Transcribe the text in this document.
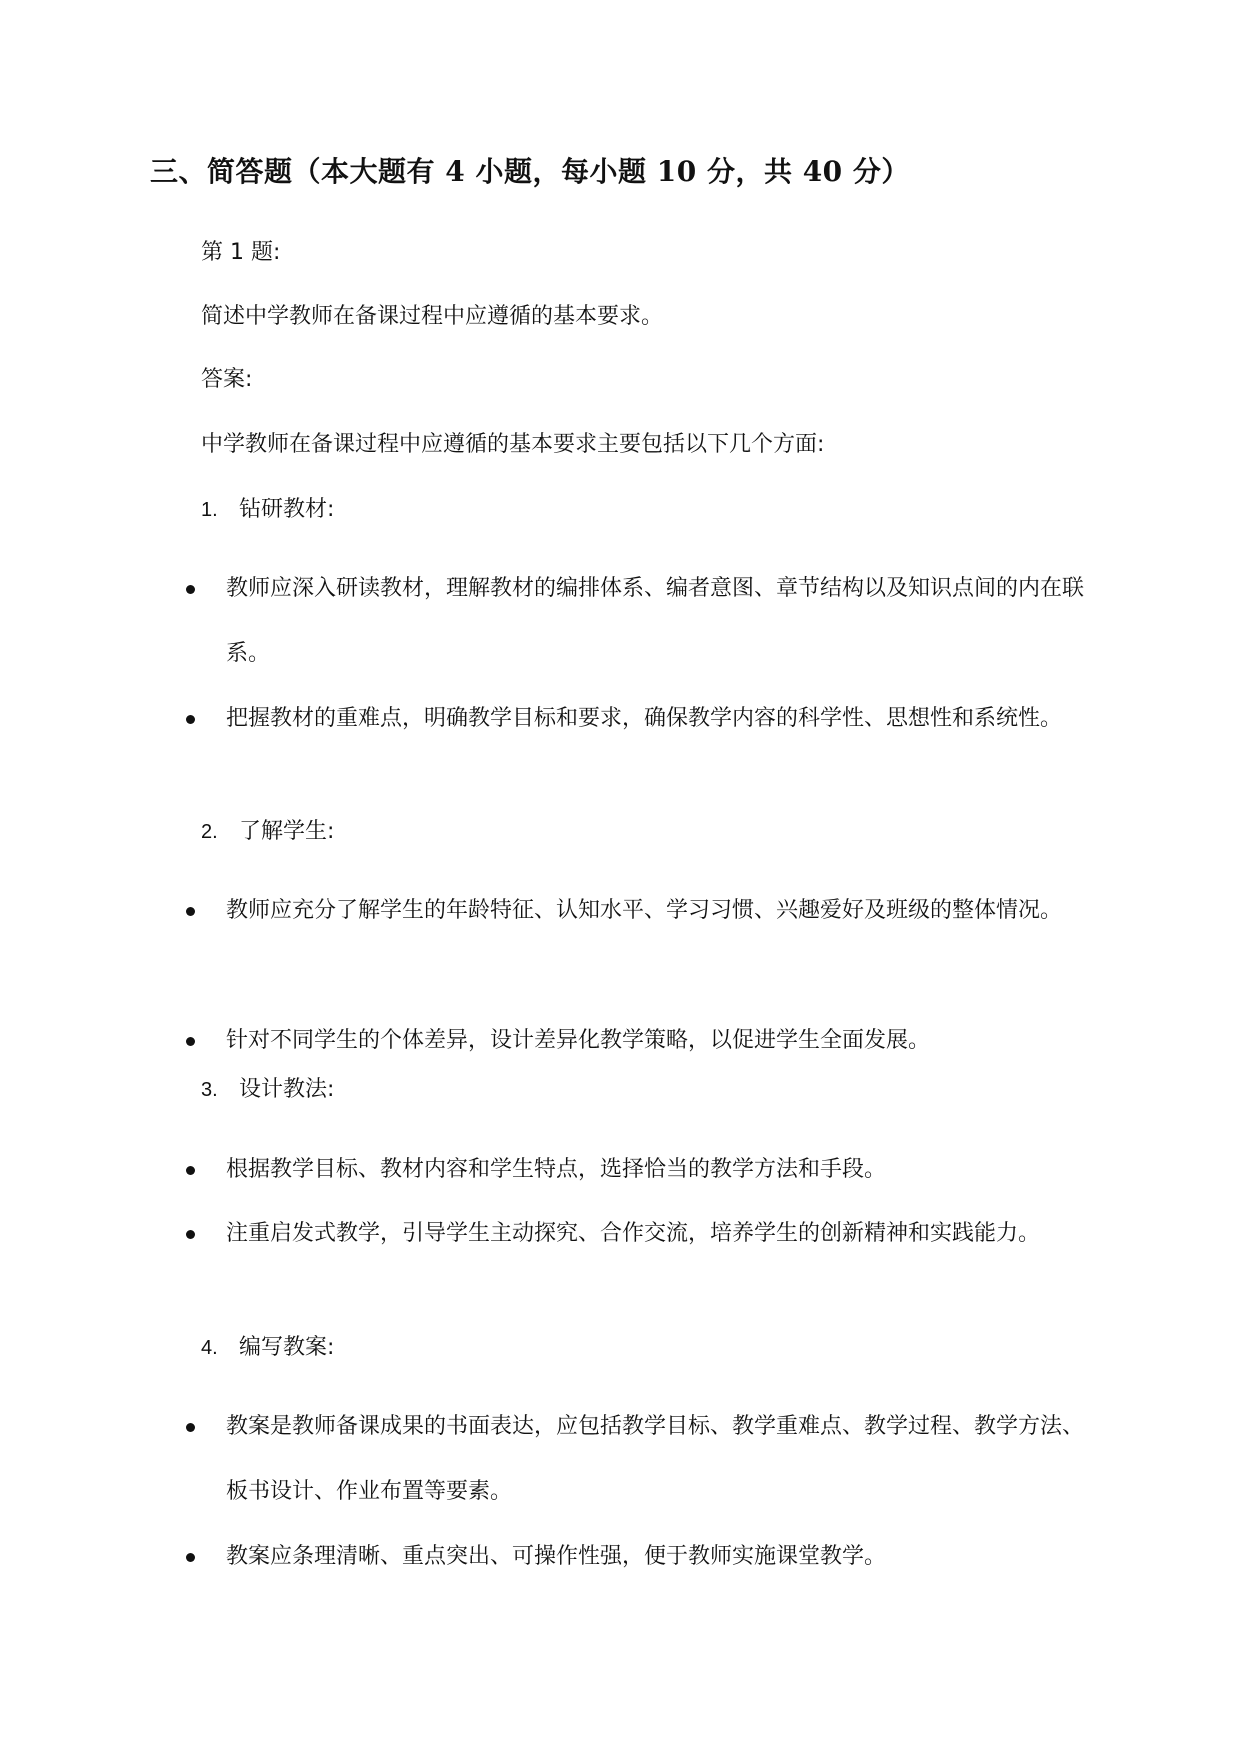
三、简答题（本大题有 4 小题，每小题 10 分，共 40 分）
第 1 题:
简述中学教师在备课过程中应遵循的基本要求。
答案:
中学教师在备课过程中应遵循的基本要求主要包括以下几个方面:
1. 钻研教材:
教师应深入研读教材，理解教材的编排体系、编者意图、章节结构以及知识点间的内在联系。
把握教材的重难点，明确教学目标和要求，确保教学内容的科学性、思想性和系统性。
2. 了解学生:
教师应充分了解学生的年龄特征、认知水平、学习习惯、兴趣爱好及班级的整体情况。
针对不同学生的个体差异，设计差异化教学策略，以促进学生全面发展。
3. 设计教法:
根据教学目标、教材内容和学生特点，选择恰当的教学方法和手段。
注重启发式教学，引导学生主动探究、合作交流，培养学生的创新精神和实践能力。
4. 编写教案:
教案是教师备课成果的书面表达，应包括教学目标、教学重难点、教学过程、教学方法、板书设计、作业布置等要素。
教案应条理清晰、重点突出、可操作性强，便于教师实施课堂教学。
